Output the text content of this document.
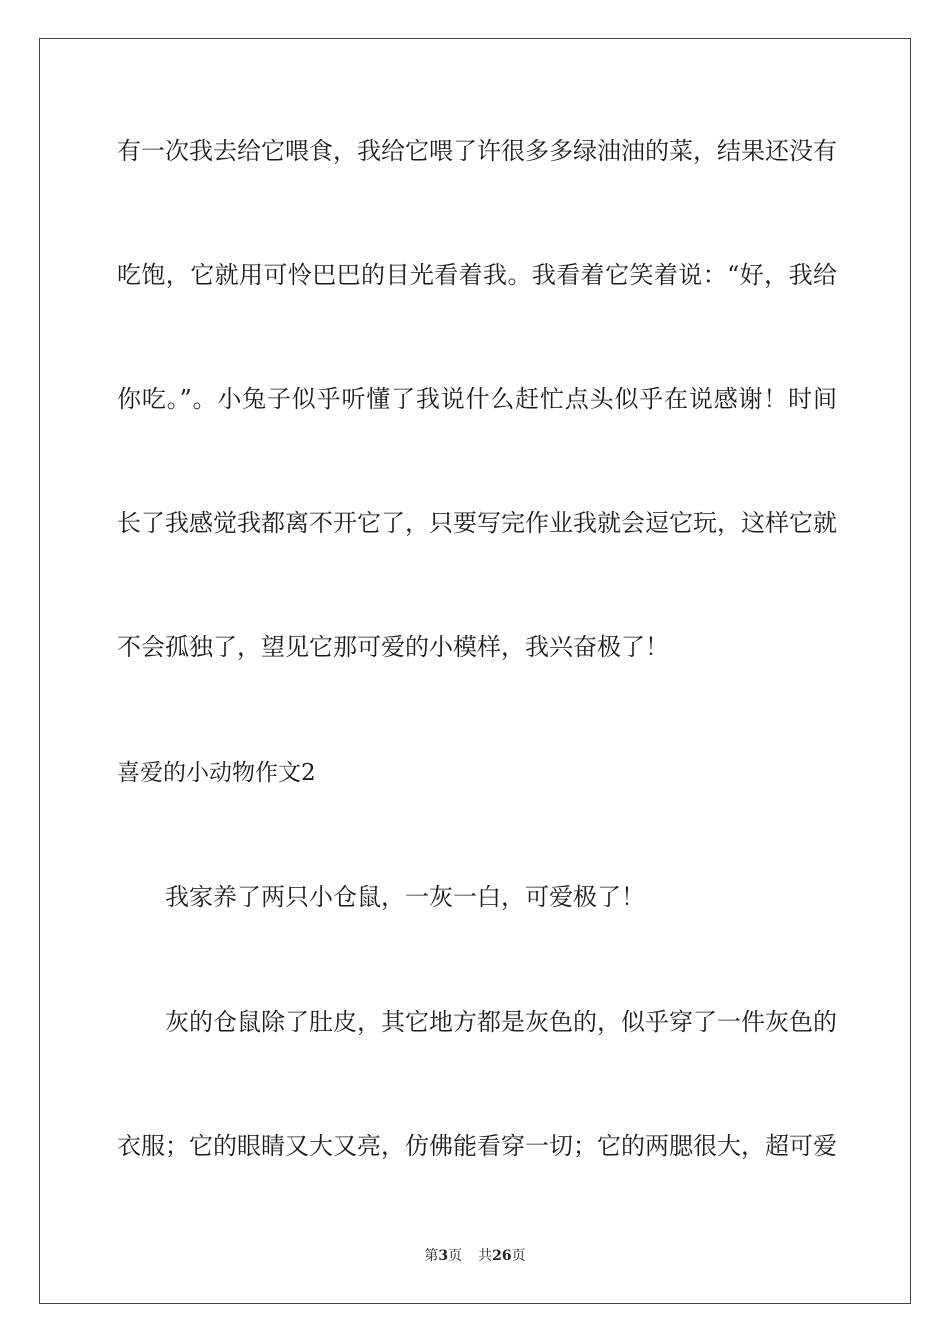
有一次我去给它喂食，我给它喂了许很多多绿油油的菜，结果还没有
吃饱，它就用可怜巴巴的目光看着我。我看着它笑着说：“好，我给
你吃。”。小兔子似乎听懂了我说什么赶忙点头似乎在说感谢！时间
长了我感觉我都离不开它了，只要写完作业我就会逗它玩，这样它就
不会孤独了，望见它那可爱的小模样，我兴奋极了！
喜爱的小动物作文2
我家养了两只小仓鼠，一灰一白，可爱极了！
灰的仓鼠除了肚皮，其它地方都是灰色的，似乎穿了一件灰色的
衣服；它的眼睛又大又亮，仿佛能看穿一切；它的两腮很大，超可爱
第3页 共26页
